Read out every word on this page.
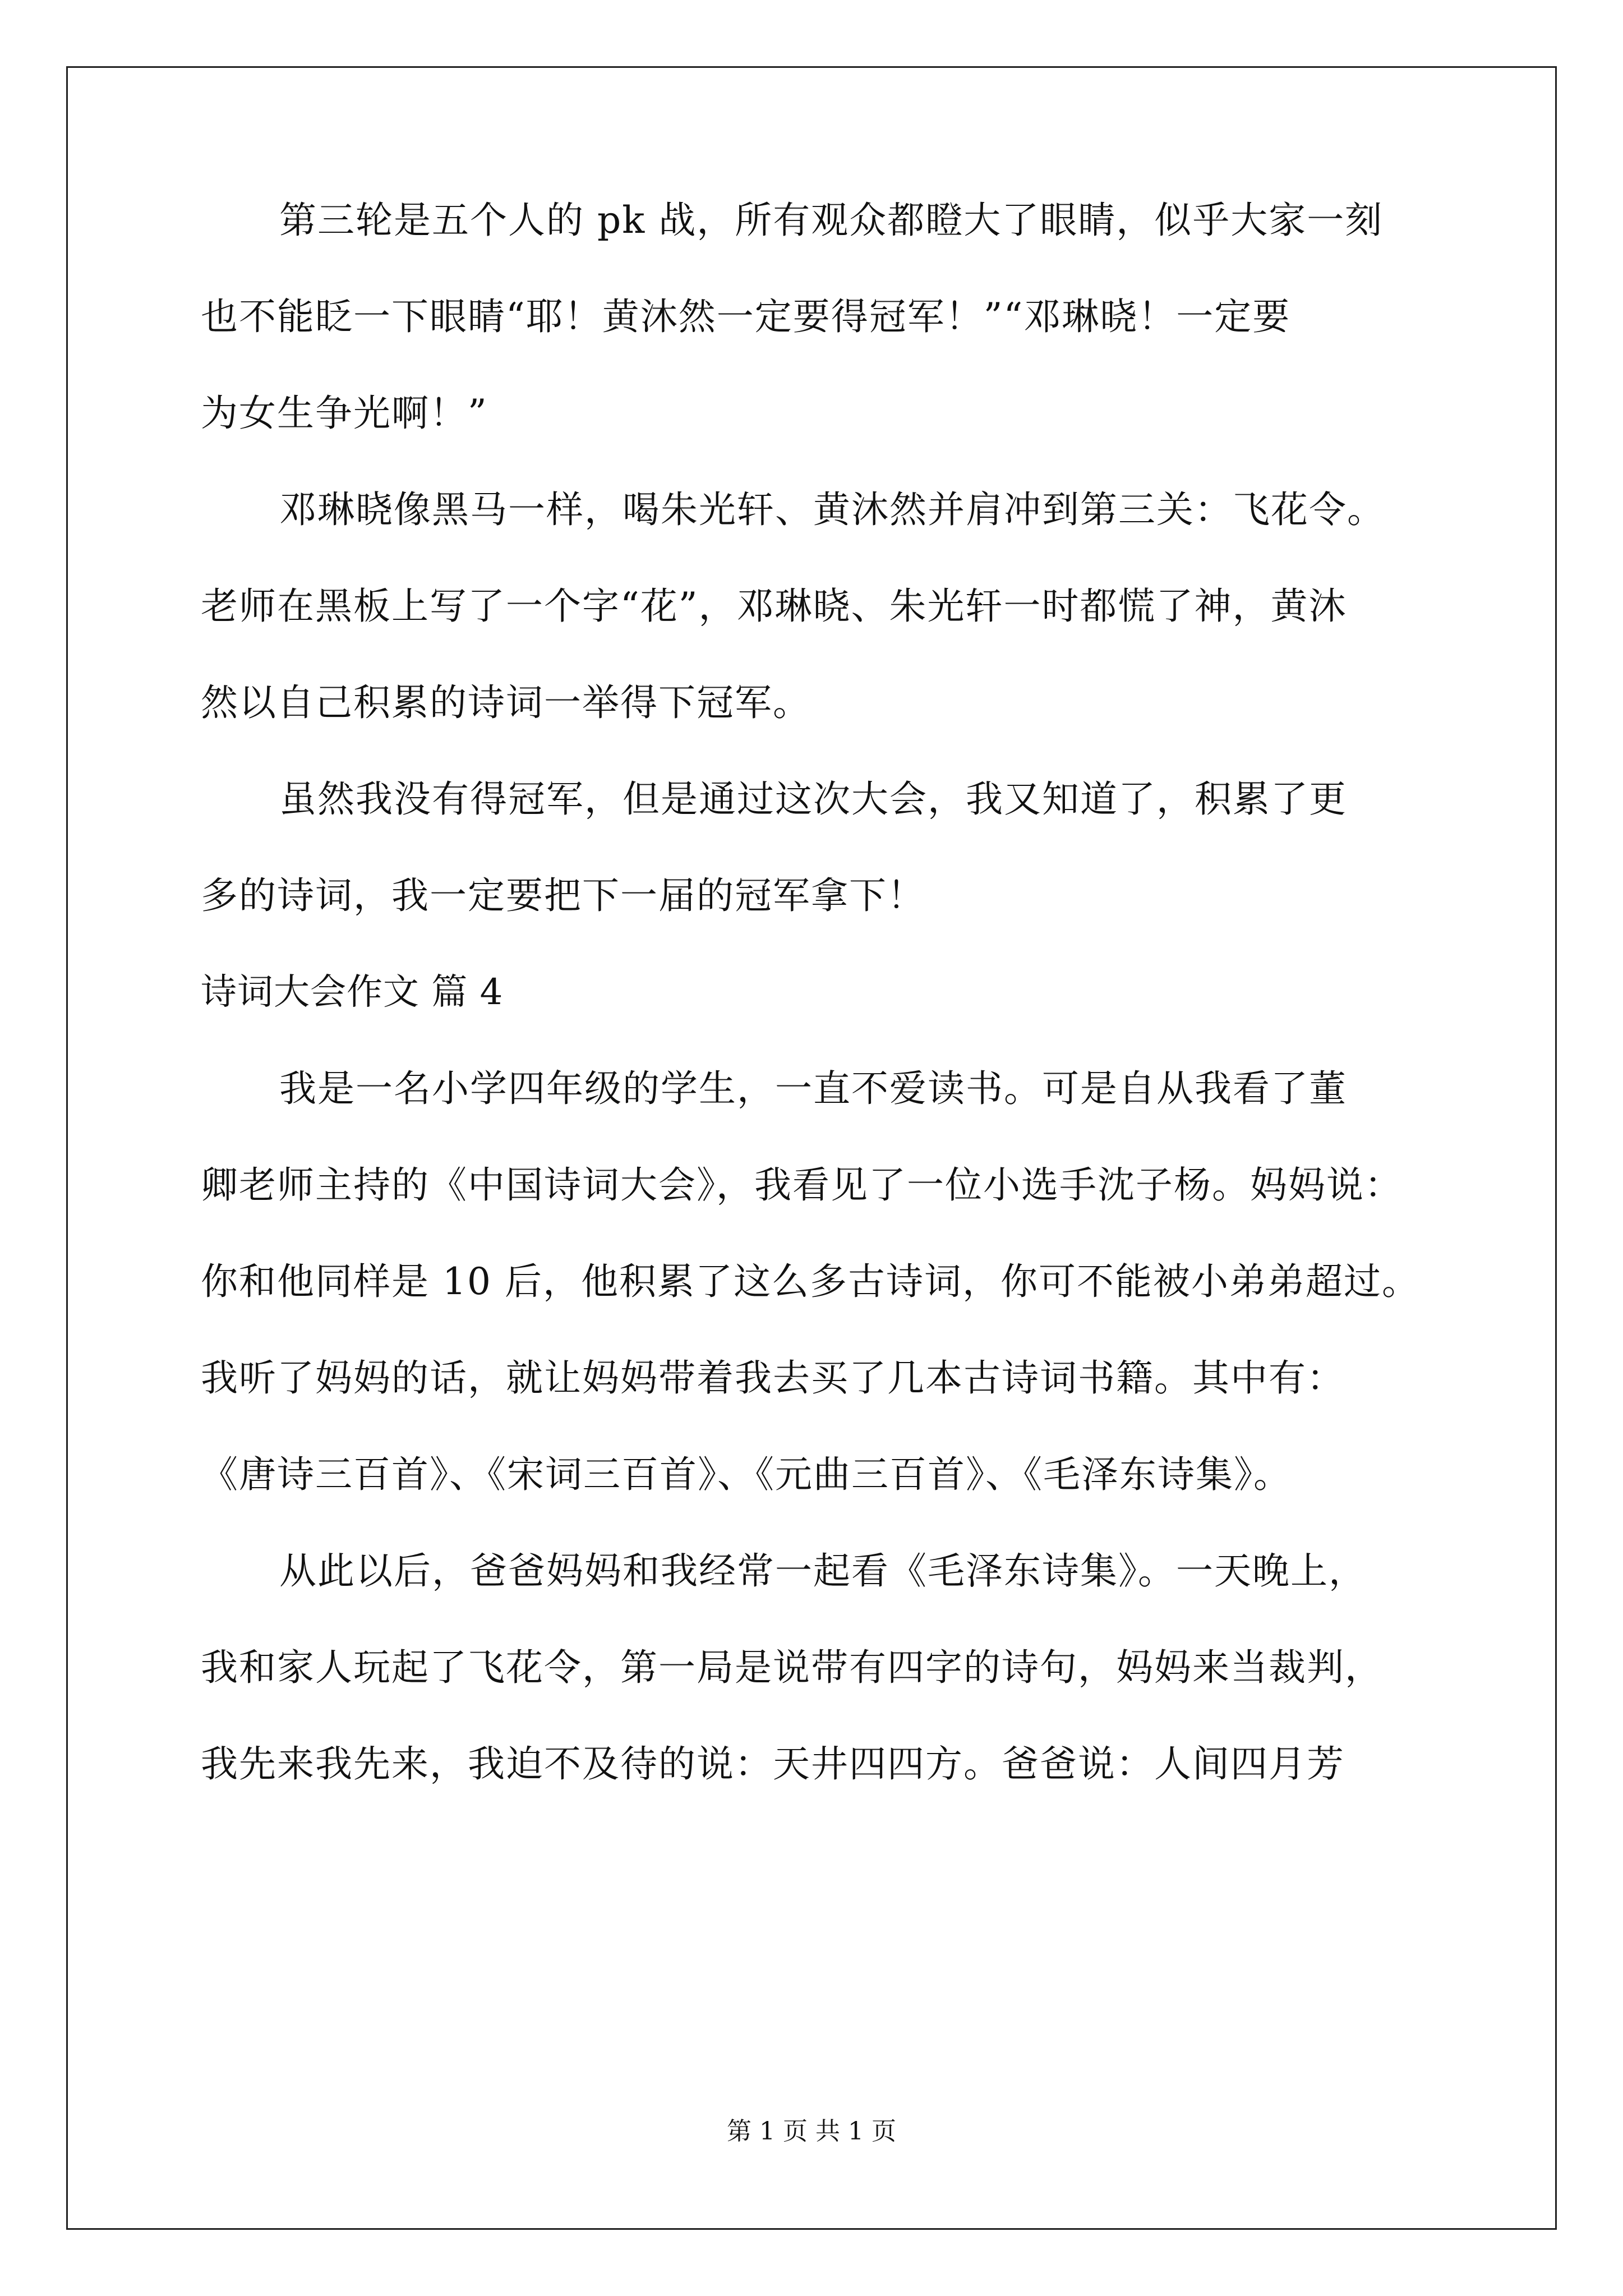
第三轮是五个人的 pk 战，所有观众都瞪大了眼睛，似乎大家一刻
也不能眨一下眼睛“耶！黄沐然一定要得冠军！”“邓琳晓！一定要
为女生争光啊！”
邓琳晓像黑马一样，喝朱光轩、黄沐然并肩冲到第三关：飞花令。
老师在黑板上写了一个字“花”，邓琳晓、朱光轩一时都慌了神，黄沐
然以自己积累的诗词一举得下冠军。
虽然我没有得冠军，但是通过这次大会，我又知道了，积累了更
多的诗词，我一定要把下一届的冠军拿下！
诗词大会作文 篇 4
我是一名小学四年级的学生，一直不爱读书。可是自从我看了董
卿老师主持的《中国诗词大会》，我看见了一位小选手沈子杨。妈妈说：
你和他同样是 10 后，他积累了这么多古诗词，你可不能被小弟弟超过。
我听了妈妈的话，就让妈妈带着我去买了几本古诗词书籍。其中有：
《唐诗三百首》、《宋词三百首》、《元曲三百首》、《毛泽东诗集》。
从此以后，爸爸妈妈和我经常一起看《毛泽东诗集》。一天晚上，
我和家人玩起了飞花令，第一局是说带有四字的诗句，妈妈来当裁判，
我先来我先来，我迫不及待的说：天井四四方。爸爸说：人间四月芳
第 1 页 共 1 页
